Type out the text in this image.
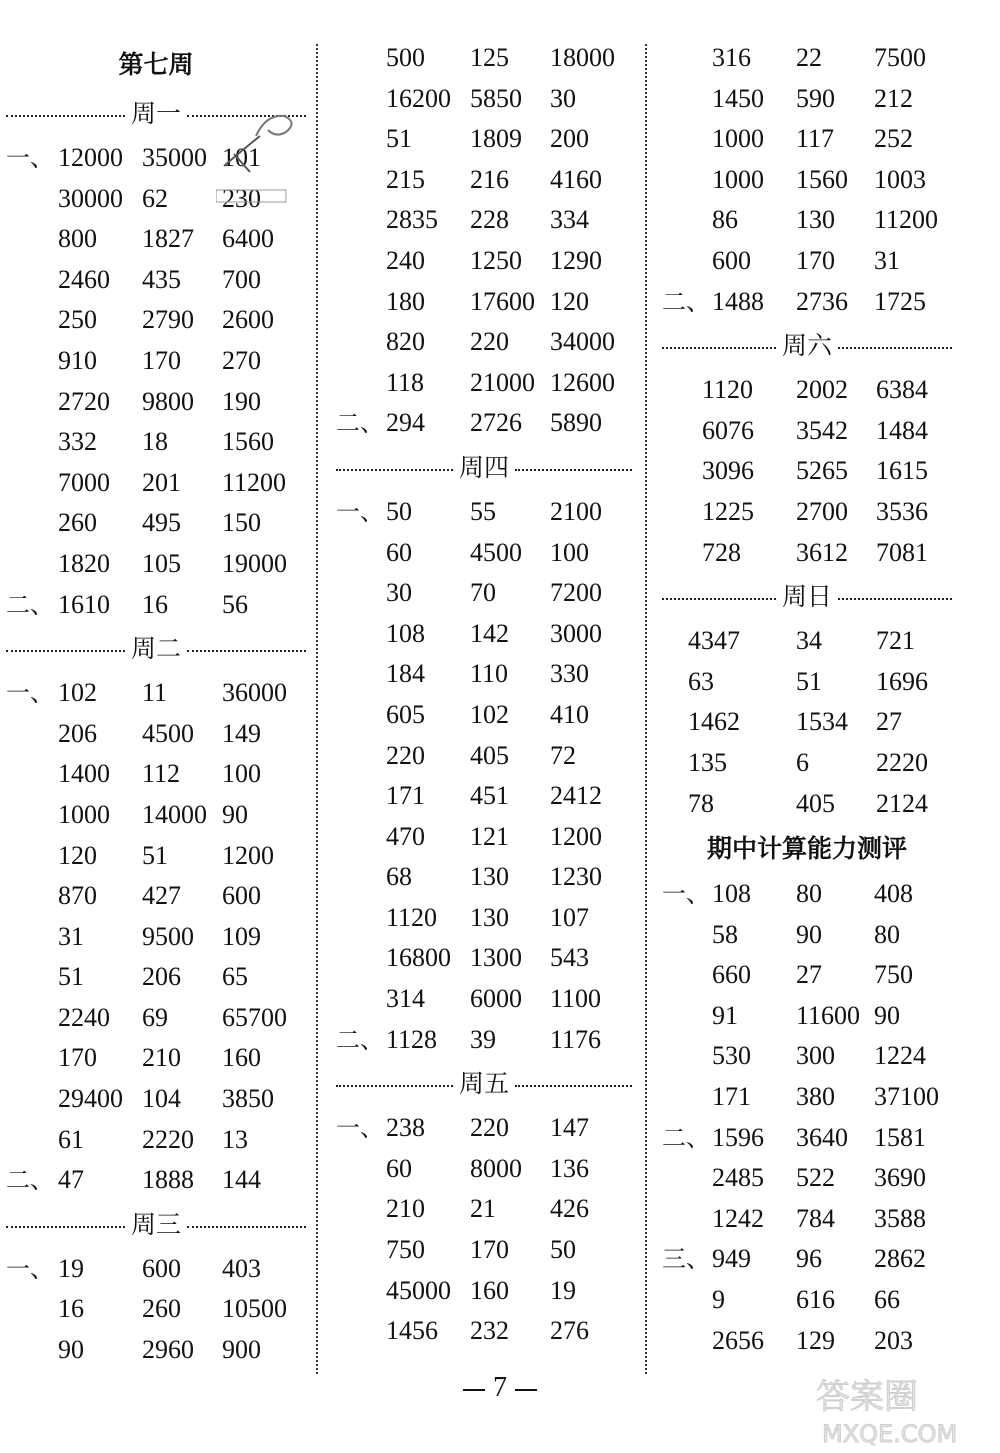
第七周
周一
一、 12000 35000 101
30000 62 230
800 1827 6400
2460 435 700
250 2790 2600
910 170 270
2720 9800 190
332 18 1560
7000 201 11200
260 495 150
1820 105 19000
二、 1610 16 56
周二
一、 102 11 36000
206 4500 149
1400 112 100
1000 14000 90
120 51 1200
870 427 600
31 9500 109
51 206 65
2240 69 65700
170 210 160
29400 104 3850
61 2220 13
二、 47 1888 144
周三
一、 19 600 403
16 260 10500
90 2960 900
500 125 18000
16200 5850 30
51 1809 200
215 216 4160
2835 228 334
240 1250 1290
180 17600 120
820 220 34000
118 21000 12600
二、 294 2726 5890
周四
一、 50 55 2100
60 4500 100
30 70 7200
108 142 3000
184 110 330
605 102 410
220 405 72
171 451 2412
470 121 1200
68 130 1230
1120 130 107
16800 1300 543
314 6000 1100
二、 1128 39 1176
周五
一、 238 220 147
60 8000 136
210 21 426
750 170 50
45000 160 19
1456 232 276
316 22 7500
1450 590 212
1000 117 252
1000 1560 1003
86 130 11200
600 170 31
二、 1488 2736 1725
周六
1120 2002 6384
6076 3542 1484
3096 5265 1615
1225 2700 3536
728 3612 7081
周日
4347 34 721
63	51 1696
1462 1534 27
135	6	2220
78	405 2124
期中计算能力测评
一、 108 80 408
58 90 80
660 27 750
91 11600 90
530 300 1224
171 380 37100
二、 1596 3640 1581
2485 522 3690
1242 784 3588
三、 949 96 2862
9	616 66
2656 129 203
答案圈
MXQE.COM
7
